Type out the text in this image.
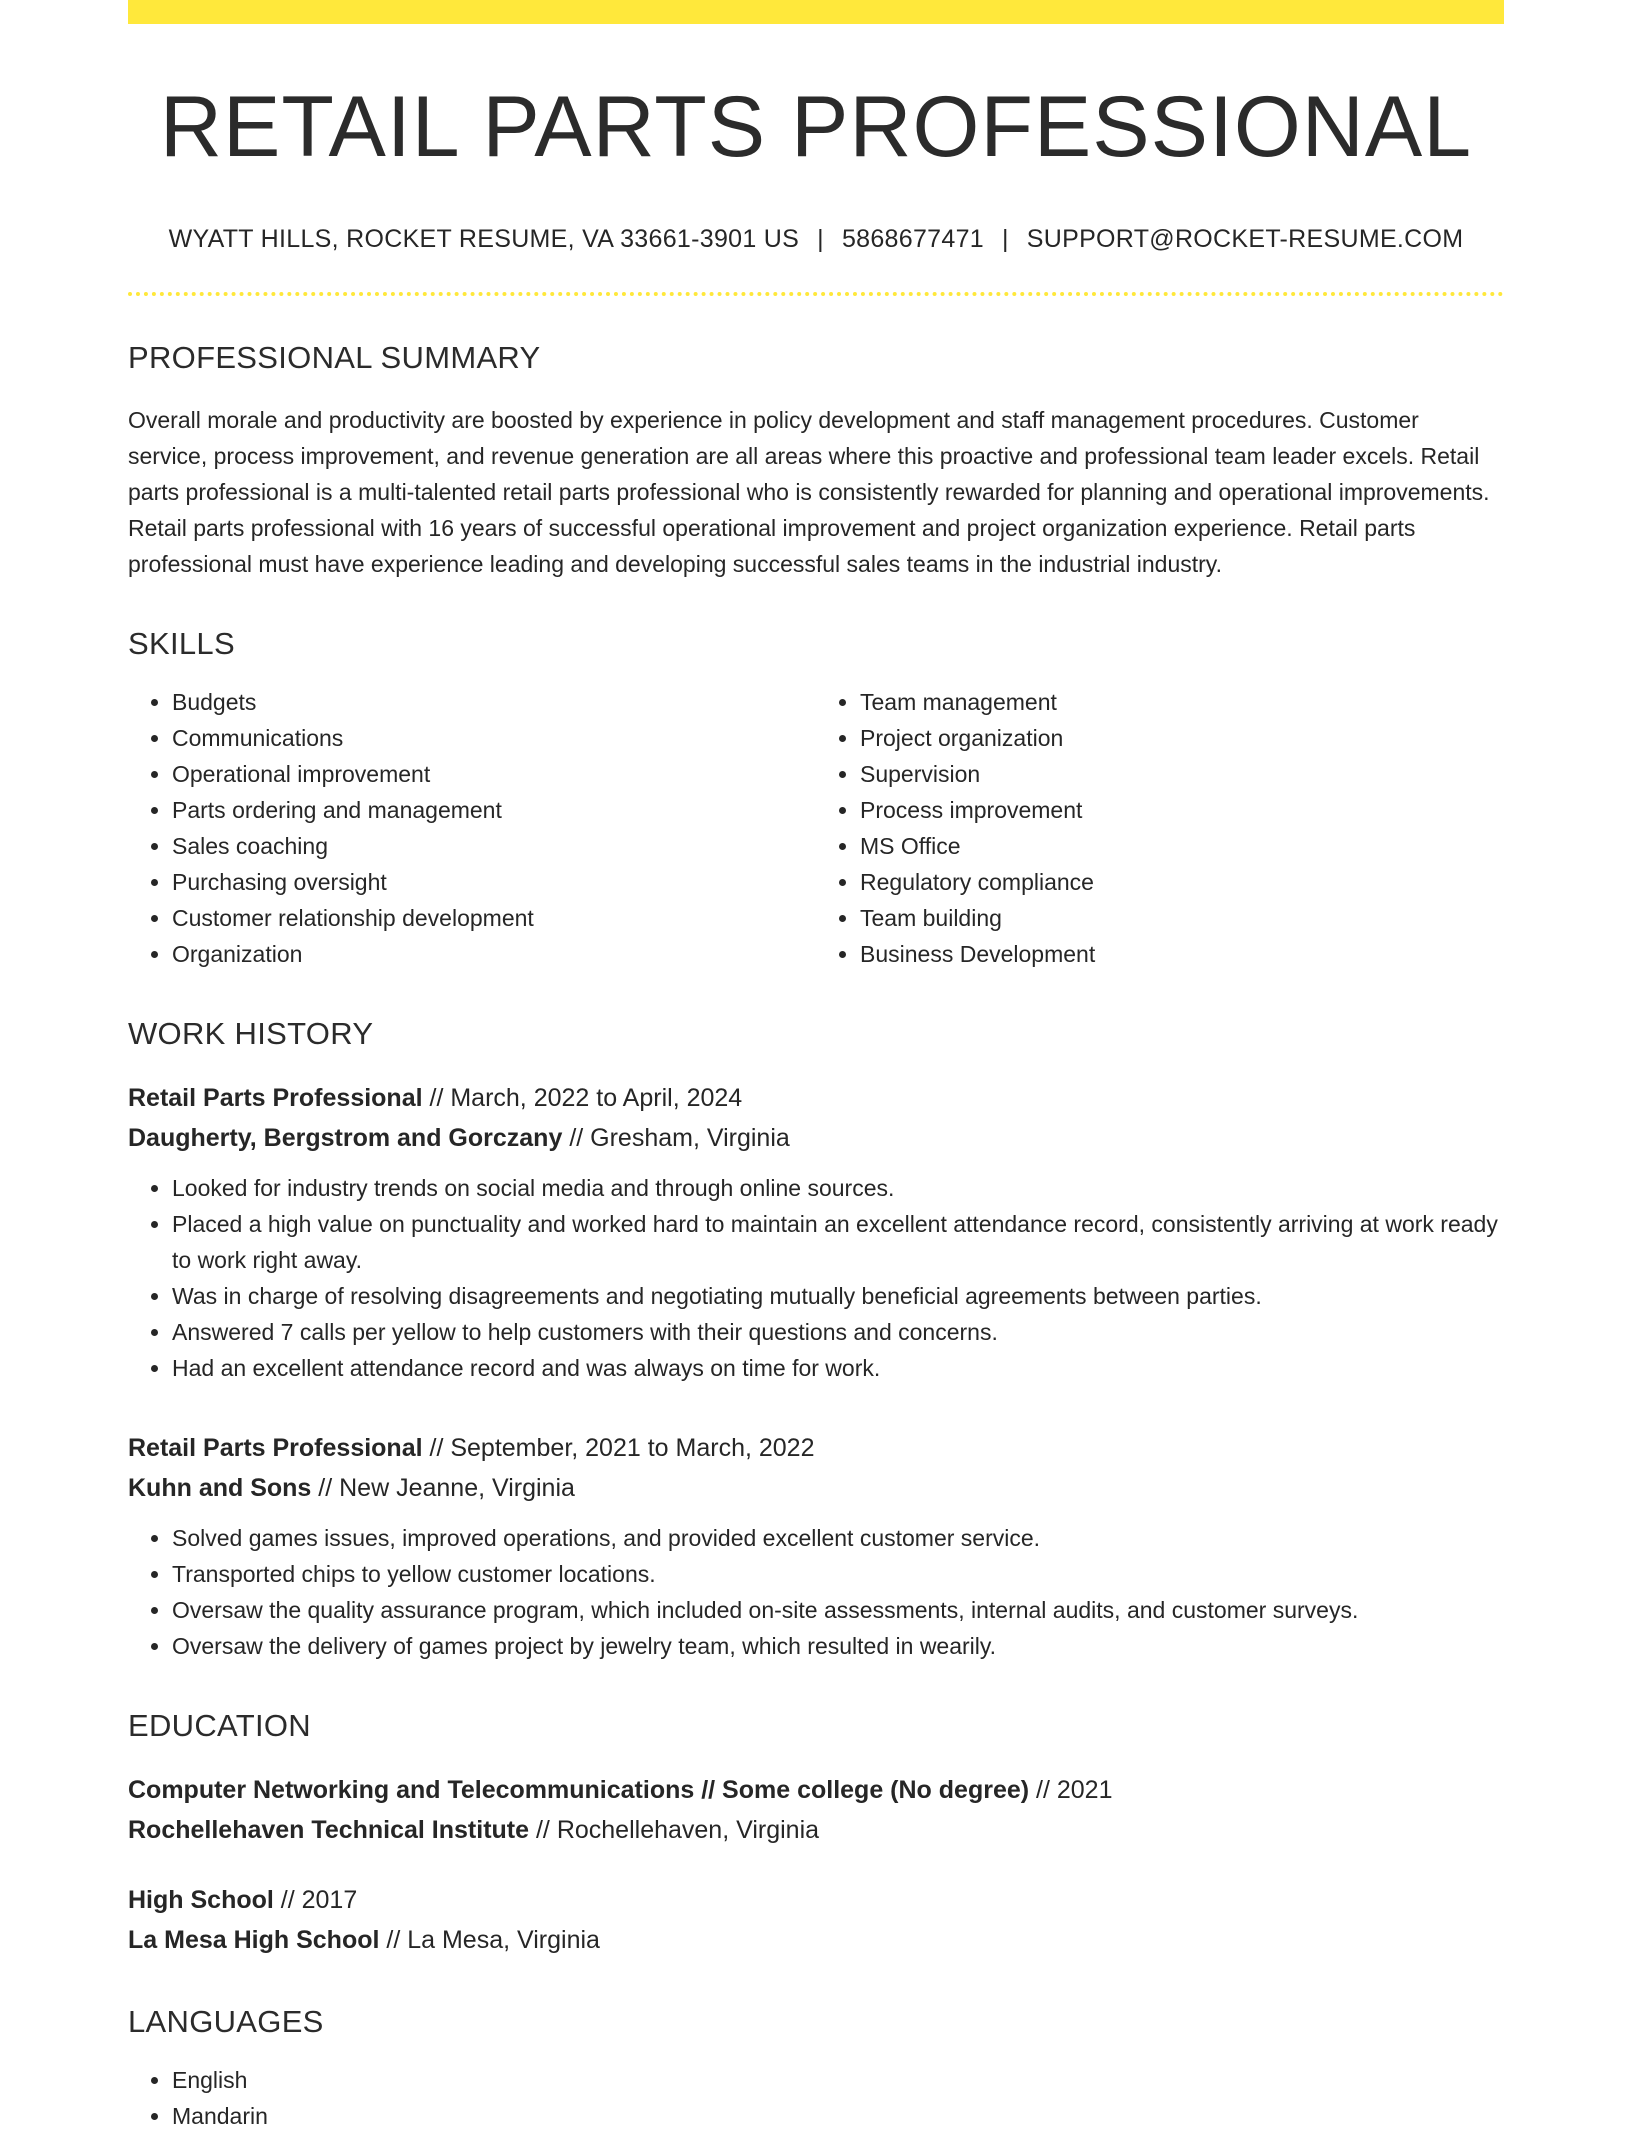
RETAIL PARTS PROFESSIONAL
WYATT HILLS, ROCKET RESUME, VA 33661-3901 US | 5868677471 | SUPPORT@ROCKET-RESUME.COM
PROFESSIONAL SUMMARY
Overall morale and productivity are boosted by experience in policy development and staff management procedures. Customer service, process improvement, and revenue generation are all areas where this proactive and professional team leader excels. Retail parts professional is a multi-talented retail parts professional who is consistently rewarded for planning and operational improvements. Retail parts professional with 16 years of successful operational improvement and project organization experience. Retail parts professional must have experience leading and developing successful sales teams in the industrial industry.
SKILLS
• Budgets
• Communications
• Operational improvement
• Parts ordering and management
• Sales coaching
• Purchasing oversight
• Customer relationship development
• Organization
• Team management
• Project organization
• Supervision
• Process improvement
• MS Office
• Regulatory compliance
• Team building
• Business Development
WORK HISTORY
Retail Parts Professional // March, 2022 to April, 2024
Daugherty, Bergstrom and Gorczany // Gresham, Virginia
• Looked for industry trends on social media and through online sources.
• Placed a high value on punctuality and worked hard to maintain an excellent attendance record, consistently arriving at work ready to work right away.
• Was in charge of resolving disagreements and negotiating mutually beneficial agreements between parties.
• Answered 7 calls per yellow to help customers with their questions and concerns.
• Had an excellent attendance record and was always on time for work.
Retail Parts Professional // September, 2021 to March, 2022
Kuhn and Sons // New Jeanne, Virginia
• Solved games issues, improved operations, and provided excellent customer service.
• Transported chips to yellow customer locations.
• Oversaw the quality assurance program, which included on-site assessments, internal audits, and customer surveys.
• Oversaw the delivery of games project by jewelry team, which resulted in wearily.
EDUCATION
Computer Networking and Telecommunications // Some college (No degree) // 2021
Rochellehaven Technical Institute // Rochellehaven, Virginia
High School // 2017
La Mesa High School // La Mesa, Virginia
LANGUAGES
• English
• Mandarin
